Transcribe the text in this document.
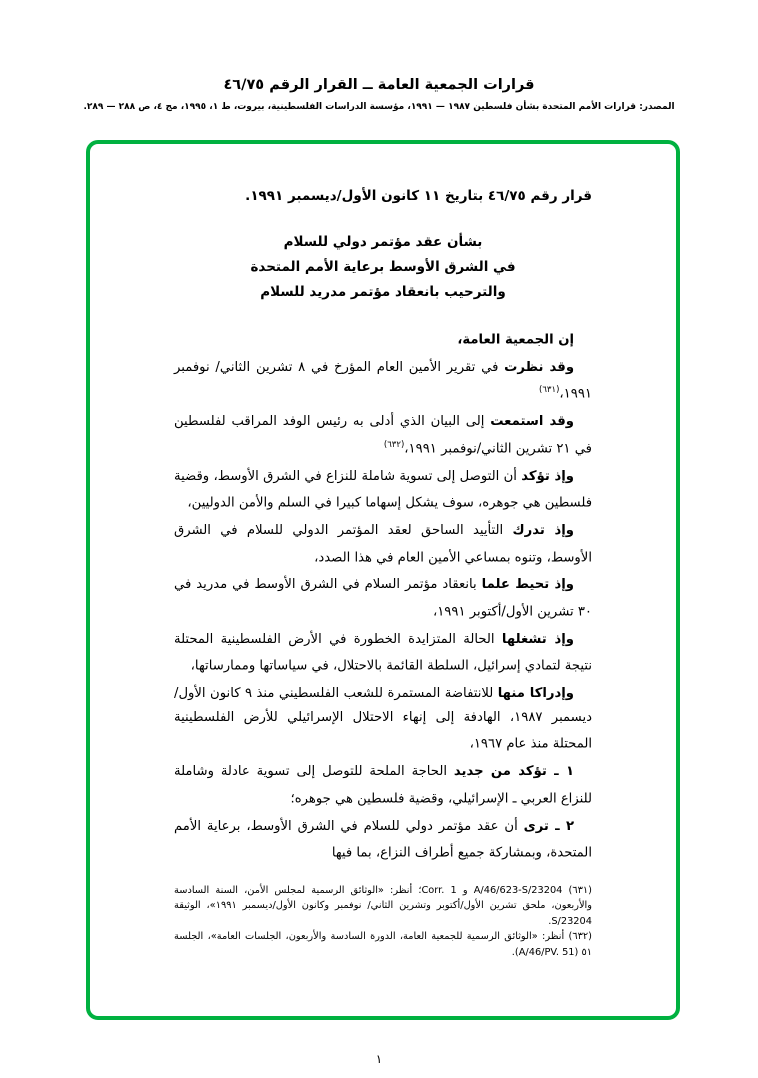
قرارات الجمعية العامة ــ القرار الرقم ٤٦/٧٥
المصدر: قرارات الأمم المتحدة بشأن فلسطين ١٩٨٧ — ١٩٩١، مؤسسة الدراسات الفلسطينية، بيروت، ط ١، ١٩٩٥، مج ٤، ص ٢٨٨ — ٢٨٩.

قرار رقم ٤٦/٧٥ بتاريخ ١١ كانون الأول/ديسمبر ١٩٩١.

بشأن عقد مؤتمر دولي للسلام
في الشرق الأوسط برعاية الأمم المتحدة
والترحيب بانعقاد مؤتمر مدريد للسلام

إن الجمعية العامة،

وقد نظرت في تقرير الأمين العام المؤرخ في ٨ تشرين الثاني/ نوفمبر ١٩٩١،$^{(٦٣١)}$

وقد استمعت إلى البيان الذي أدلى به رئيس الوفد المراقب لفلسطين في ٢١ تشرين الثاني/نوفمبر ١٩٩١،$^{(٦٣٢)}$

وإذ تؤكد أن التوصل إلى تسوية شاملة للنزاع في الشرق الأوسط، وقضية فلسطين هي جوهره، سوف يشكل إسهاما كبيرا في السلم والأمن الدوليين،

وإذ تدرك التأييد الساحق لعقد المؤتمر الدولي للسلام في الشرق الأوسط، وتنوه بمساعي الأمين العام في هذا الصدد،

وإذ تحيط علما بانعقاد مؤتمر السلام في الشرق الأوسط في مدريد في ٣٠ تشرين الأول/أكتوبر ١٩٩١،

وإذ تشغلها الحالة المتزايدة الخطورة في الأرض الفلسطينية المحتلة نتيجة لتمادي إسرائيل، السلطة القائمة بالاحتلال، في سياساتها وممارساتها،

وإدراكا منها للانتفاضة المستمرة للشعب الفلسطيني منذ ٩ كانون الأول/ديسمبر ١٩٨٧، الهادفة إلى إنهاء الاحتلال الإسرائيلي للأرض الفلسطينية المحتلة منذ عام ١٩٦٧،

١ ـ تؤكد من جديد الحاجة الملحة للتوصل إلى تسوية عادلة وشاملة للنزاع العربي ـ الإسرائيلي، وقضية فلسطين هي جوهره؛

٢ ـ ترى أن عقد مؤتمر دولي للسلام في الشرق الأوسط، برعاية الأمم المتحدة، وبمشاركة جميع أطراف النزاع، بما فيها

(٦٣١) A/46/623-S/23204 و Corr. 1؛ أنظر: «الوثائق الرسمية لمجلس الأمن، السنة السادسة والأربعون، ملحق تشرين الأول/أكتوبر وتشرين الثاني/ نوفمبر وكانون الأول/ديسمبر ١٩٩١»، الوثيقة S/23204.

(٦٣٢) أنظر: «الوثائق الرسمية للجمعية العامة، الدورة السادسة والأربعون، الجلسات العامة»، الجلسة ٥١ (A/46/PV. 51).

١
